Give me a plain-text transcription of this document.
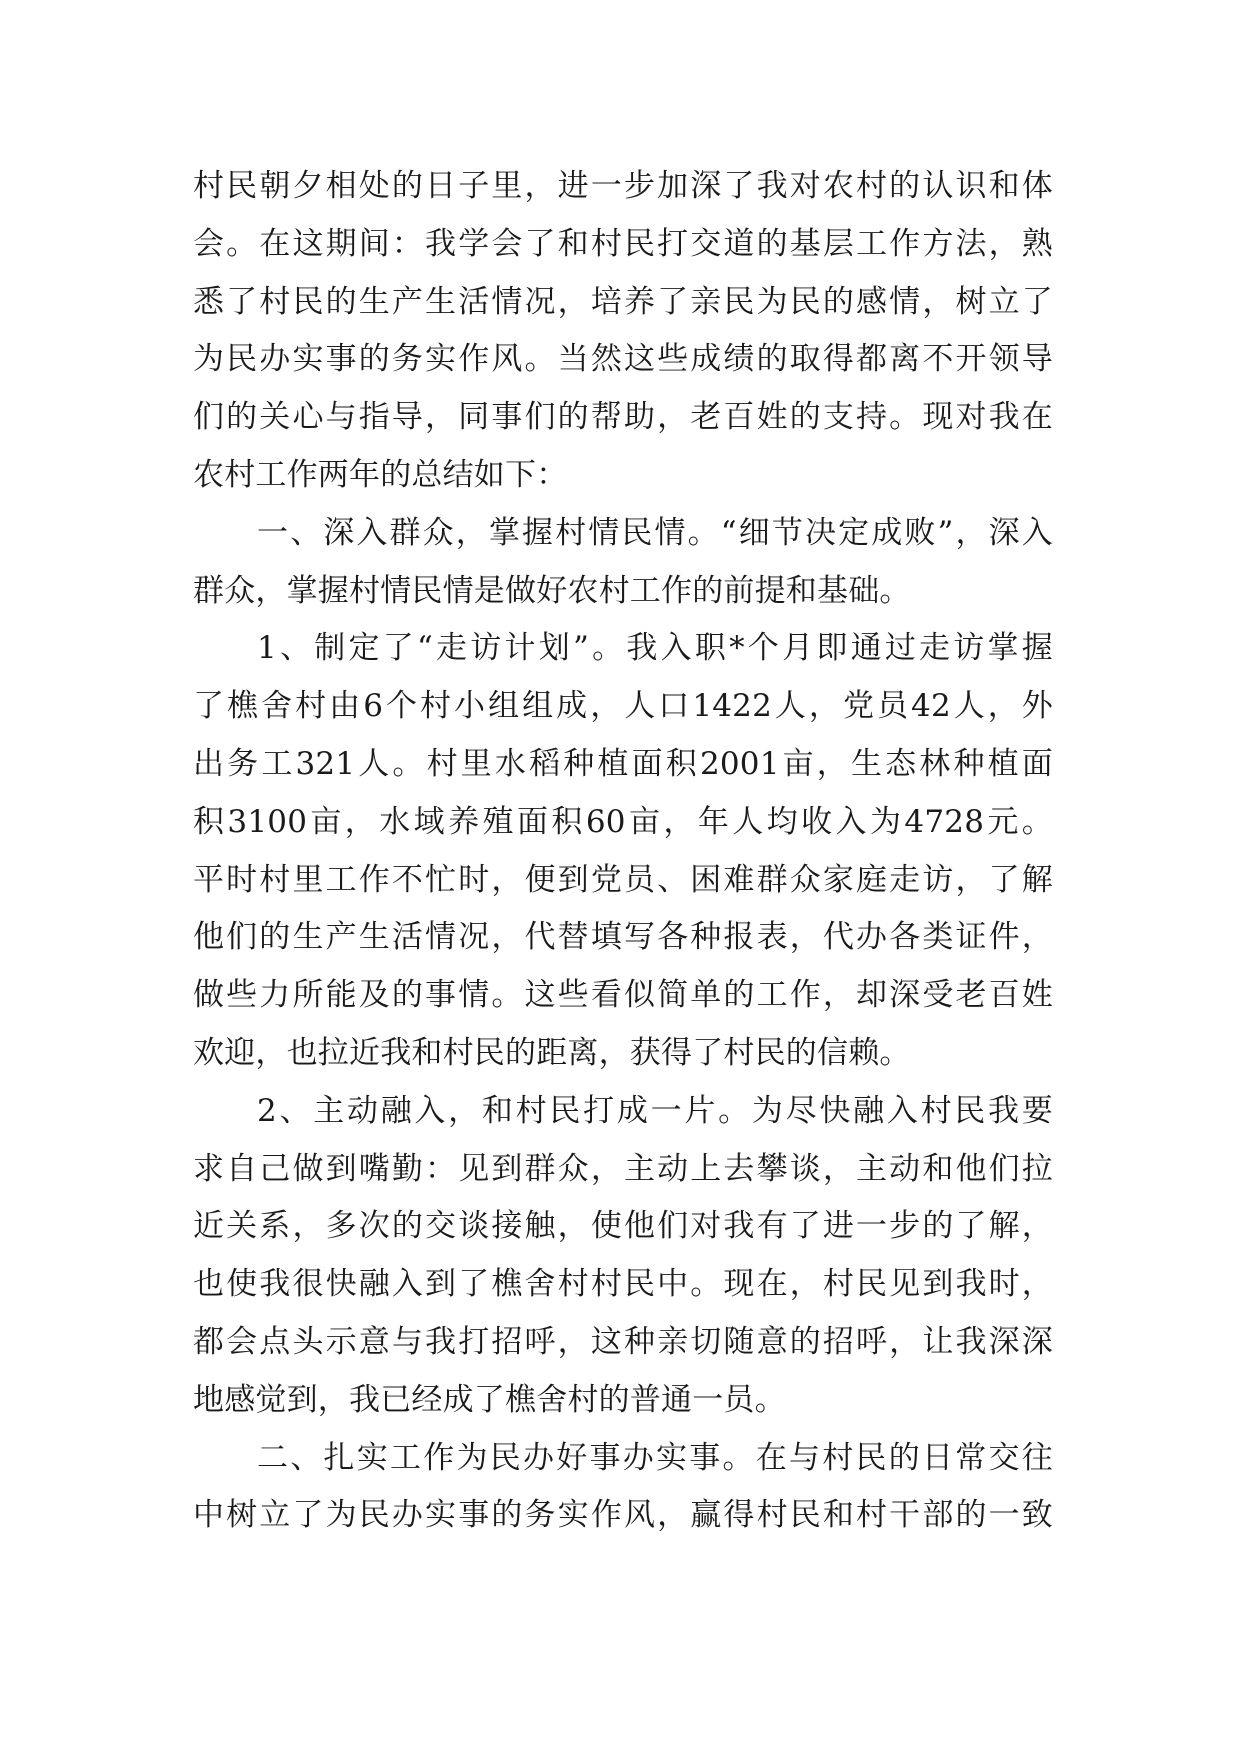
村民朝夕相处的日子里，进一步加深了我对农村的认识和体
会。在这期间：我学会了和村民打交道的基层工作方法，熟
悉了村民的生产生活情况，培养了亲民为民的感情，树立了
为民办实事的务实作风。当然这些成绩的取得都离不开领导
们的关心与指导，同事们的帮助，老百姓的支持。现对我在
农村工作两年的总结如下：
一、深入群众，掌握村情民情。“细节决定成败”，深入
群众，掌握村情民情是做好农村工作的前提和基础。
1、制定了“走访计划”。我入职*个月即通过走访掌握
了樵舍村由6个村小组组成，人口1422人，党员42人，外
出务工321人。村里水稻种植面积2001亩，生态林种植面
积3100亩，水域养殖面积60亩，年人均收入为4728元。
平时村里工作不忙时，便到党员、困难群众家庭走访，了解
他们的生产生活情况，代替填写各种报表，代办各类证件，
做些力所能及的事情。这些看似简单的工作，却深受老百姓
欢迎，也拉近我和村民的距离，获得了村民的信赖。
2、主动融入，和村民打成一片。为尽快融入村民我要
求自己做到嘴勤：见到群众，主动上去攀谈，主动和他们拉
近关系，多次的交谈接触，使他们对我有了进一步的了解，
也使我很快融入到了樵舍村村民中。现在，村民见到我时，
都会点头示意与我打招呼，这种亲切随意的招呼，让我深深
地感觉到，我已经成了樵舍村的普通一员。
二、扎实工作为民办好事办实事。在与村民的日常交往
中树立了为民办实事的务实作风，赢得村民和村干部的一致
